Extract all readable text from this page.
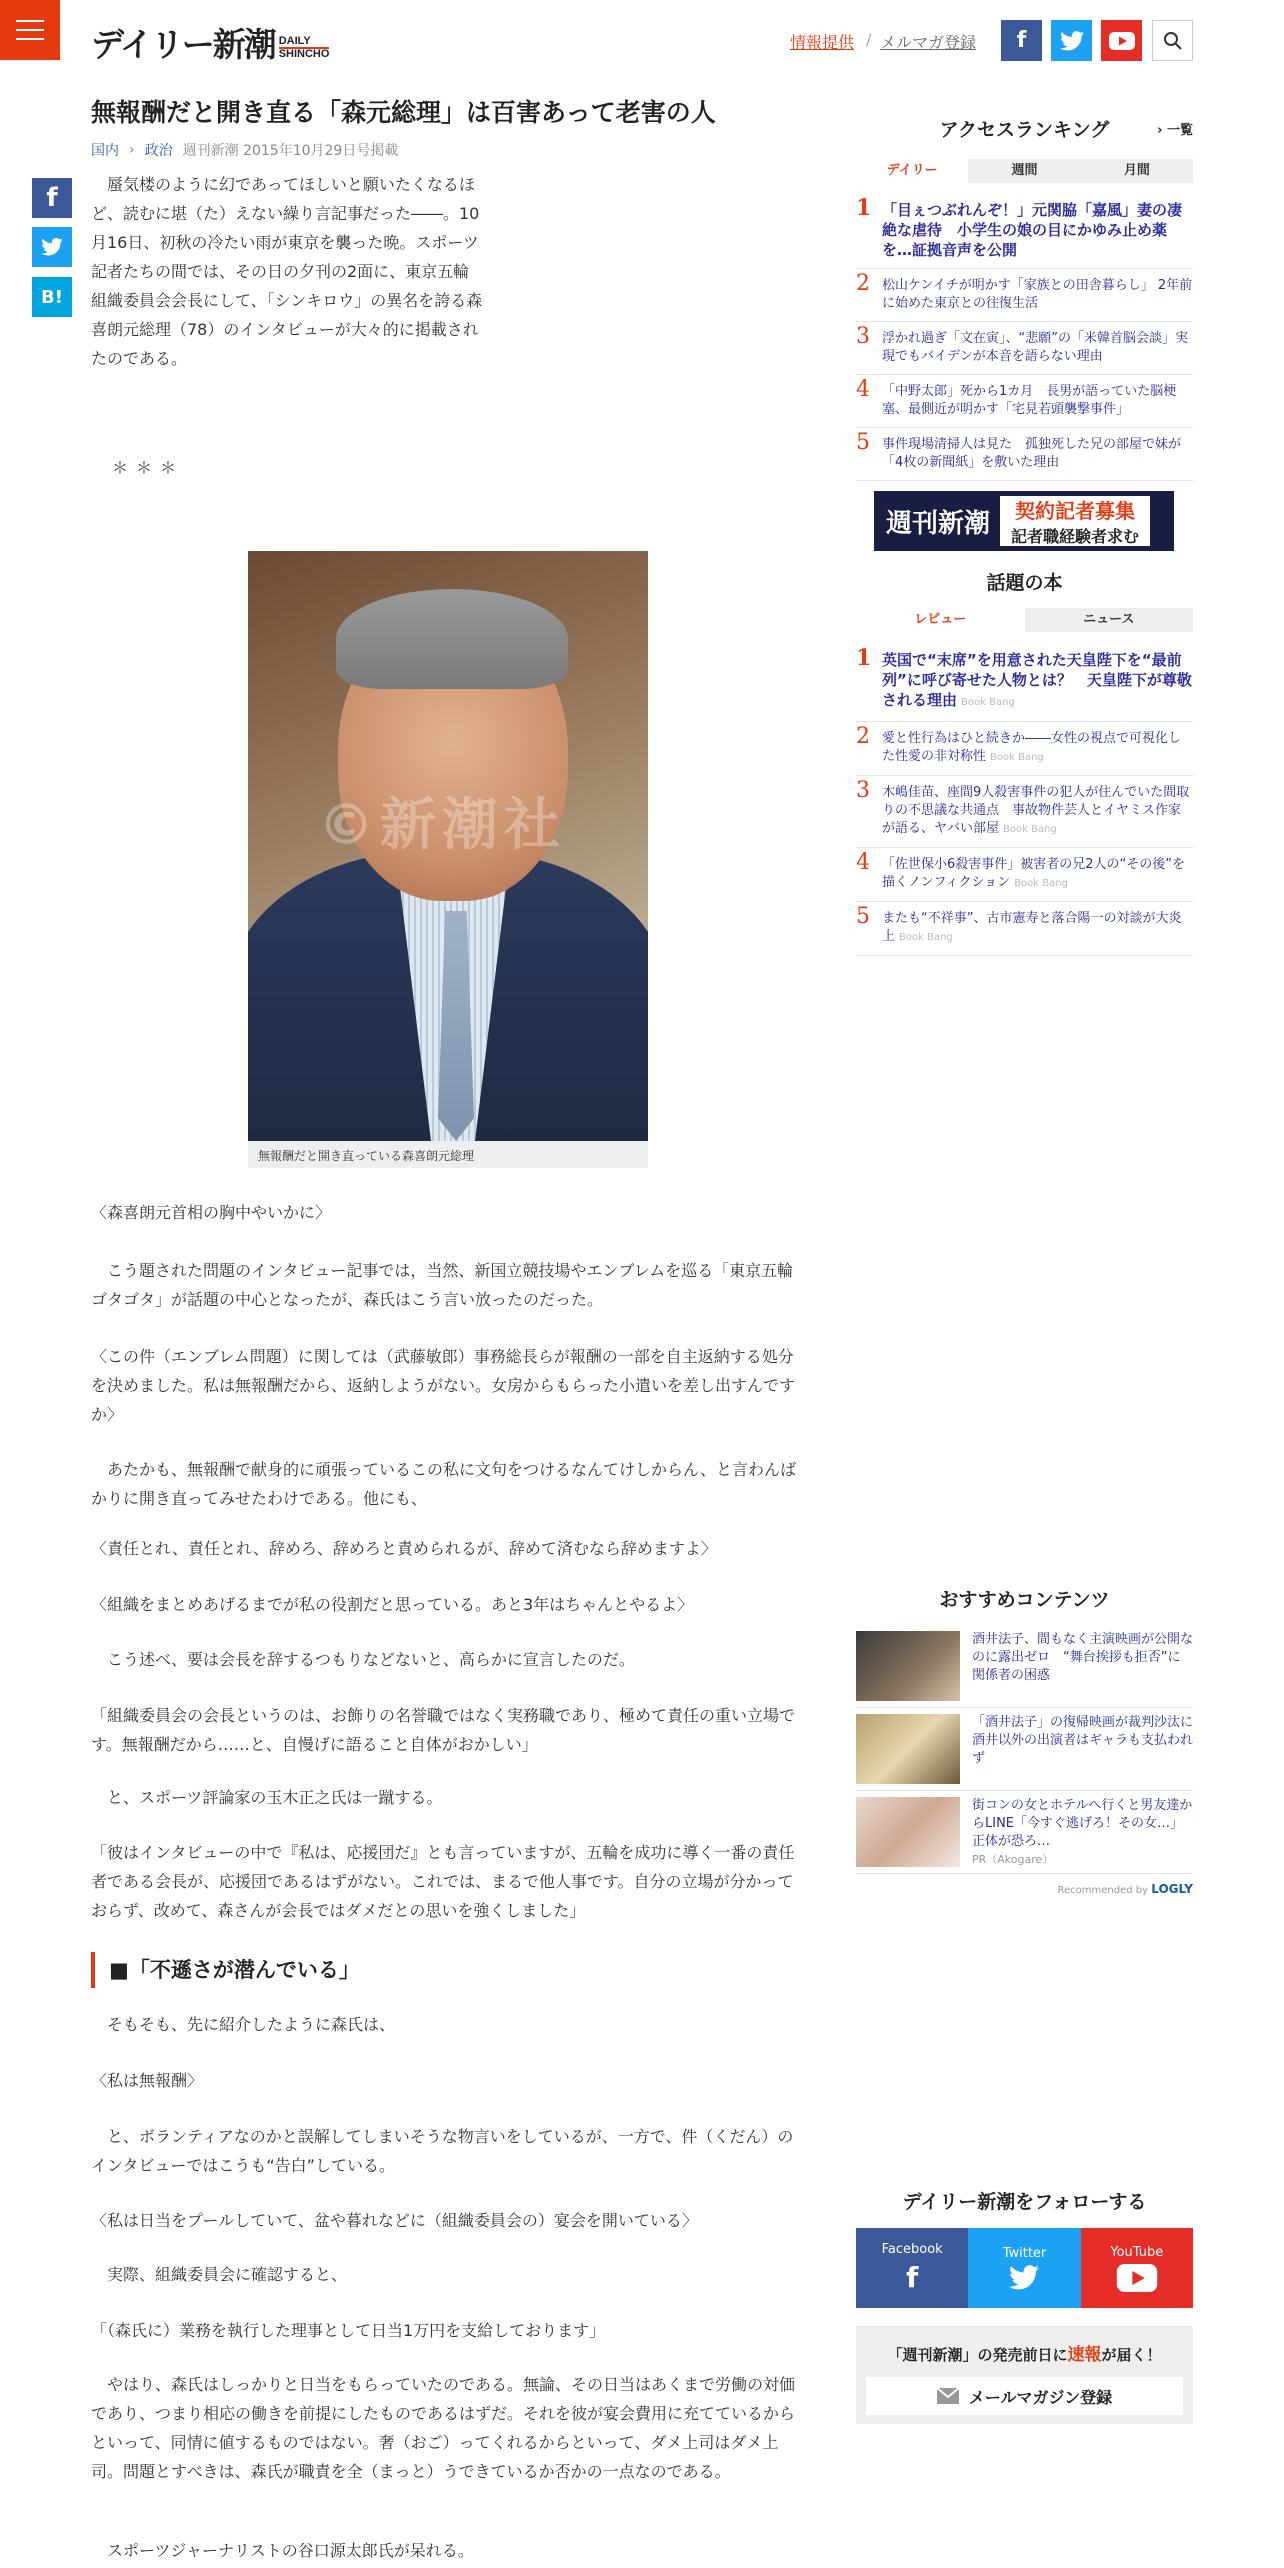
デイリー新潮 DAILY
SHINCHO
情報提供 / メルマガ登録	f
f
B!
無報酬だと開き直る「森元総理」は百害あって老害の人
国内 › 政治 週刊新潮 2015年10月29日号掲載

蜃気楼のように幻であってほしいと願いたくなるほど、読むに堪（た）えない繰り言記事だった――。10月16日、初秋の冷たい雨が東京を襲った晩。スポーツ記者たちの間では、その日の夕刊の2面に、東京五輪組織委員会会長にして、「シンキロウ」の異名を誇る森喜朗元総理（78）のインタビューが大々的に掲載されたのである。

＊＊＊
©新潮社
無報酬だと開き直っている森喜朗元総理

〈森喜朗元首相の胸中やいかに〉

　こう題された問題のインタビュー記事では，当然、新国立競技場やエンブレムを巡る「東京五輪ゴタゴタ」が話題の中心となったが、森氏はこう言い放ったのだった。

〈この件（エンブレム問題）に関しては（武藤敏郎）事務総長らが報酬の一部を自主返納する処分を決めました。私は無報酬だから、返納しようがない。女房からもらった小遣いを差し出すんですか〉

　あたかも、無報酬で献身的に頑張っているこの私に文句をつけるなんてけしからん、と言わんばかりに開き直ってみせたわけである。他にも、

〈責任とれ、責任とれ、辞めろ、辞めろと責められるが、辞めて済むなら辞めますよ〉

〈組織をまとめあげるまでが私の役割だと思っている。あと3年はちゃんとやるよ〉

　こう述べ、要は会長を辞するつもりなどないと、高らかに宣言したのだ。

「組織委員会の会長というのは、お飾りの名誉職ではなく実務職であり、極めて責任の重い立場です。無報酬だから……と、自慢げに語ること自体がおかしい」

　と、スポーツ評論家の玉木正之氏は一蹴する。

「彼はインタビューの中で『私は、応援団だ』とも言っていますが、五輪を成功に導く一番の責任者である会長が、応援団であるはずがない。これでは、まるで他人事です。自分の立場が分かっておらず、改めて、森さんが会長ではダメだとの思いを強くしました」

■「不遜さが潜んでいる」

　そもそも、先に紹介したように森氏は、

〈私は無報酬〉

　と、ボランティアなのかと誤解してしまいそうな物言いをしているが、一方で、件（くだん）のインタビューではこうも“告白”している。

〈私は日当をプールしていて、盆や暮れなどに（組織委員会の）宴会を開いている〉

　実際、組織委員会に確認すると、

「（森氏に）業務を執行した理事として日当1万円を支給しております」

　やはり、森氏はしっかりと日当をもらっていたのである。無論、その日当はあくまで労働の対価であり、つまり相応の働きを前提にしたものであるはずだ。それを彼が宴会費用に充てているからといって、同情に値するものではない。奢（おご）ってくれるからといって、ダメ上司はダメ上司。問題とすべきは、森氏が職責を全（まっと）うできているか否かの一点なのである。

　スポーツジャーナリストの谷口源太郎氏が呆れる。

アクセスランキング	› 一覧
デイリー	週間	月間
1 「目ぇつぶれんぞ！」元関脇「嘉風」妻の凄絶な虐待　小学生の娘の目にかゆみ止め薬を…証拠音声を公開
2 松山ケンイチが明かす「家族との田舎暮らし」 2年前に始めた東京との往復生活
3 浮かれ過ぎ「文在寅」、“悲願”の「米韓首脳会談」実現でもバイデンが本音を語らない理由
4 「中野太郎」死から1カ月　長男が語っていた脳梗塞、最側近が明かす「宅見若頭襲撃事件」
5 事件現場清掃人は見た　孤独死した兄の部屋で妹が「4枚の新聞紙」を敷いた理由
週刊新潮 契約記者募集
記者職経験者求む
話題の本
レビュー	ニュース
1 英国で“末席”を用意された天皇陛下を“最前列”に呼び寄せた人物とは？　天皇陛下が尊敬される理由 Book Bang
2 愛と性行為はひと続きか――女性の視点で可視化した性愛の非対称性 Book Bang
3 木嶋佳苗、座間9人殺害事件の犯人が住んでいた間取りの不思議な共通点　事故物件芸人とイヤミス作家が語る、ヤバい部屋 Book Bang
4 「佐世保小6殺害事件」被害者の兄2人の“その後”を描くノンフィクション Book Bang
5 またも“不祥事”、古市憲寿と落合陽一の対談が大炎上 Book Bang
おすすめコンテンツ
酒井法子、間もなく主演映画が公開なのに露出ゼロ　“舞台挨拶も拒否”に関係者の困惑
「酒井法子」の復帰映画が裁判沙汰に　酒井以外の出演者はギャラも支払われず
街コンの女とホテルへ行くと男友達からLINE「今すぐ逃げろ！その女…」正体が恐ろ…
PR（Akogare）
Recommended by LOGLY
デイリー新潮をフォローする
Facebook
f
Twitter	YouTube
「週刊新潮」の発売前日に速報が届く！
メールマガジン登録
